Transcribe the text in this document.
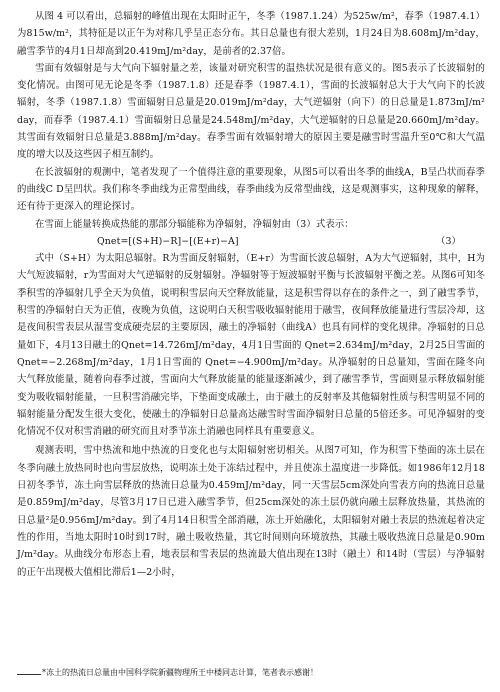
从图 4 可以看出，总辐射的峰值出现在太阳时正午，冬季（1987.1.24）为525w/m²，春季（1987.4.1）为815w/m²，其特征是以正午为对称几乎呈正态分布。其日总量也有很大差别，1月24日为8.608mJ/m²day，融雪季节的4月1日却高到20.419mJ/m²day，是前者的2.37倍。

雪面有效辐射是与大气向下辐射量之差，该量对研究积雪的温热状况是很有意义的。图5表示了长波辐射的变化情况。由图可见无论是冬季（1987.1.8）还是春季（1987.4.1），雪面的长波辐射总大于大气向下的长波辐射，冬季（1987.1.8）雪面辐射日总量是20.019mJ/m²day，大气逆辐射（向下）的日总量是1.873mJ/m²day，而春季（1987.4.1）雪面辐射日总量是24.548mJ/m²day，大气逆辐射的日总量是20.660mJ/m²day。其雪面有效辐射日总量是3.888mJ/m²day。春季雪面有效辐射增大的原因主要是融雪时雪温升至0℃和大气温度的增大以及这些因子相互制约。

在长波辐射的观测中，笔者发现了一个值得注意的重要现象，从图5可以看出冬季的曲线A，B呈凸状而春季的曲线C D呈凹状。我们称冬季曲线为正常型曲线，春季曲线为反常型曲线，这是观测事实，这种现象的解释，还有待于更深入的理论探讨。

在雪面上能量转换成热能的那部分辐能称为净辐射，净辐射由（3）式表示：

Qnet=[(S+H)−R]−[(E+r)−A]	（3）

式中（S+H）为太阳总辐射。R为雪面反射辐射，（E+r）为雪面长波总辐射，A为大气逆辐射，其中，H为大气短波辐射，r为雪面对大气逆辐射的反射辐射。净辐射等于短波辐射平衡与长波辐射平衡之差。从图6可知冬季积雪的净辐射几乎全天为负值，说明积雪层向天空释放能量，这是积雪得以存在的条件之一，到了融雪季节，积雪的净辐射白天为正值，夜晚为负值，这说明白天积雪吸收辐射能用于融雪，夜间释放能量进行雪层冷却，这是夜间积雪表层从湿雪变成硬壳层的主要原因，融土的净辐射（曲线A）也具有同样的变化规律。净辐射的日总量如下，4月13日融土的Qnet=14.726mJ/m²day，4月1日雪面的 Qnet=2.634mJ/m²day，2月25日雪面的Qnet=−2.268mJ/m²day，1月1日雪面的 Qnet=−4.900mJ/m²day。从净辐射的日总量知，雪面在隆冬向大气释放能量，随着向春季过渡，雪面向大气释放能量的能量逐渐减少，到了融雪季节，雪面则显示释放辐射能变为吸收辐射能量，一旦积雪消融完毕，下垫面变成融土，由于融土的反射率及其他辐射性质与积雪明显不同的辐射能量分配发生很大变化，使融土的净辐射日总量高达融雪时雪面净辐射日总量的5倍还多。可见净辐射的变化情况不仅对积雪消融的研究而且对季节冻土消融也同样具有重要意义。

观测表明，雪中热流和地中热流的日变化也与太阳辐射密切相关。从图7可知，作为积雪下垫面的冻土层在冬季向融土放热同时也向雪层放热，说明冻土处于冻结过程中，并且使冻土温度进一步降低。如1986年12月18日初冬季节，冻土向雪层释放的热流日总量为0.459mJ/m²day，同一天雪层5cm深处向雪表方向的热流日总量是0.859mJ/m²day，尽管3月17日已进入融雪季节，但25cm深处的冻土层仍就向融土层释放热量，其热流的日总量²是0.956mJ/m²day。到了4月14日积雪全部消融，冻土开始融化，太阳辐射对融土表层的热流起着决定性的作用，当地太阳时10时到17时，融土吸收热量，其它时间则向环境放热，其融土吸收热流日总量是0.90mJ/m²day。从曲线分布形态上看，地表层和雪表层的热流最大值出现在13时（融土）和14时（雪层）与净辐射的正午出现极大值相比滞后1—2小时，

*冻土的热流日总量由中国科学院新疆物理所王中楼同志计算，笔者表示感谢！
